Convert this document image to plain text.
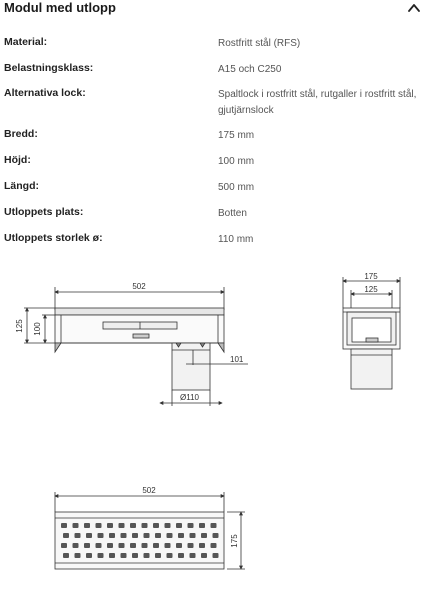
Modul med utlopp
Material:	Rostfritt stål (RFS)
Belastningsklass:	A15 och C250
Alternativa lock:	Spaltlock i rostfritt stål, rutgaller i rostfritt stål, gjutjärnslock
Bredd:	175 mm
Höjd:	100 mm
Längd:	500 mm
Utloppets plats:	Botten
Utloppets storlek ø:	110 mm
502
125 100
101
Ø110
175
125
502
175
